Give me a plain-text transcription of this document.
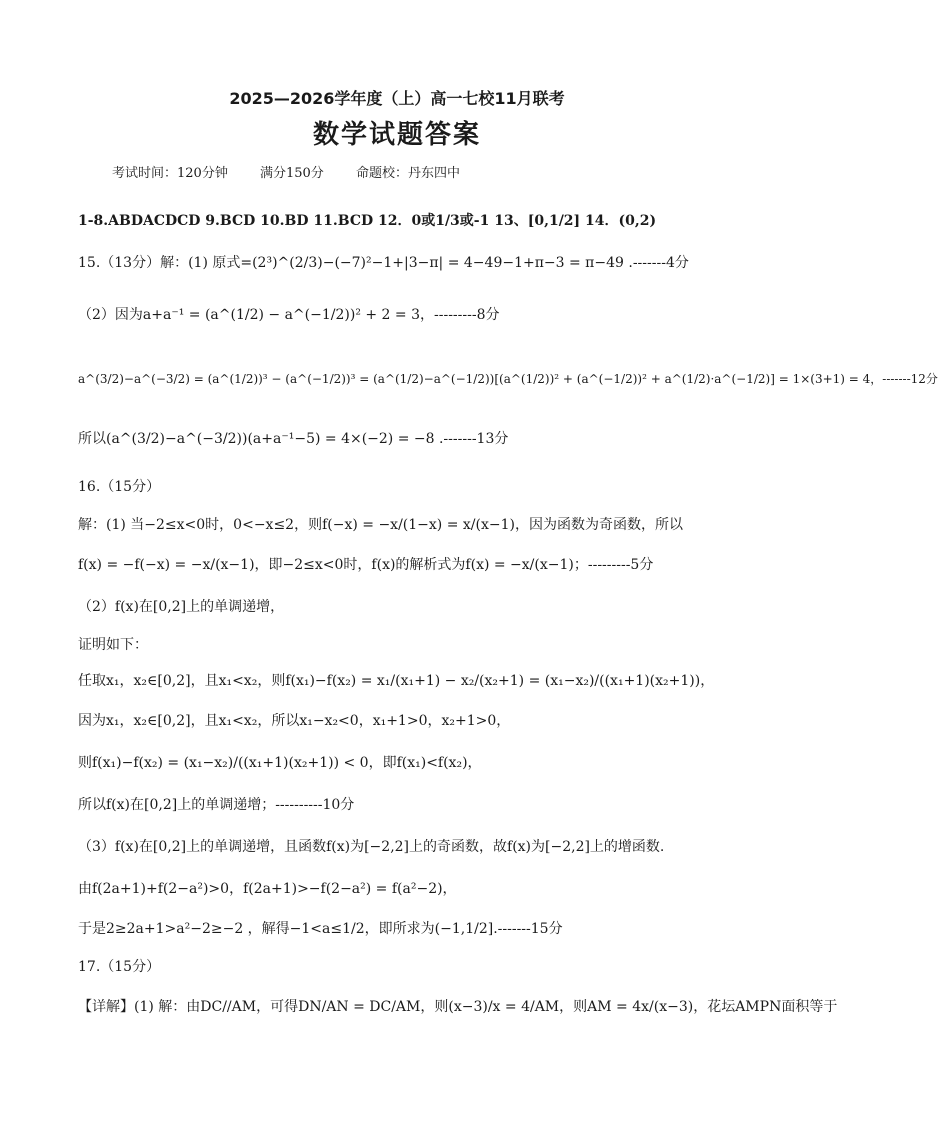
2025—2026学年度（上）高一七校11月联考
数学试题答案
考试时间：120分钟 满分150分 命题校：丹东四中
1-8.ABDACDCD 9.BCD 10.BD 11.BCD 12．0或1/3或-1 13、[0,1/2] 14．(0,2)
15.（13分）解：(1) 原式=(2³)^(2/3)−(−7)²−1+|3−π| = 4−49−1+π−3 = π−49 .-------4分
（2）因为a+a⁻¹ = (a^(1/2) − a^(−1/2))² + 2 = 3，---------8分
a^(3/2)−a^(−3/2) = (a^(1/2))³ − (a^(−1/2))³ = (a^(1/2)−a^(−1/2))[(a^(1/2))² + (a^(−1/2))² + a^(1/2)·a^(−1/2)] = 1×(3+1) = 4，-------12分
所以(a^(3/2)−a^(−3/2))(a+a⁻¹−5) = 4×(−2) = −8 .-------13分
16.（15分）
解：(1) 当−2≤x<0时，0<−x≤2，则f(−x) = −x/(1−x) = x/(x−1)，因为函数为奇函数，所以
f(x) = −f(−x) = −x/(x−1)，即−2≤x<0时，f(x)的解析式为f(x) = −x/(x−1)；---------5分
（2）f(x)在[0,2]上的单调递增，
证明如下：
任取x₁，x₂∈[0,2]，且x₁<x₂，则f(x₁)−f(x₂) = x₁/(x₁+1) − x₂/(x₂+1) = (x₁−x₂)/((x₁+1)(x₂+1))，
因为x₁，x₂∈[0,2]，且x₁<x₂，所以x₁−x₂<0，x₁+1>0，x₂+1>0，
则f(x₁)−f(x₂) = (x₁−x₂)/((x₁+1)(x₂+1)) < 0，即f(x₁)<f(x₂)，
所以f(x)在[0,2]上的单调递增；----------10分
（3）f(x)在[0,2]上的单调递增，且函数f(x)为[−2,2]上的奇函数，故f(x)为[−2,2]上的增函数.
由f(2a+1)+f(2−a²)>0，f(2a+1)>−f(2−a²) = f(a²−2)，
于是2≥2a+1>a²−2≥−2 ，解得−1<a≤1/2，即所求为(−1,1/2].-------15分
17.（15分）
【详解】(1) 解：由DC//AM，可得DN/AN = DC/AM，则(x−3)/x = 4/AM，则AM = 4x/(x−3)，花坛AMPN面积等于
